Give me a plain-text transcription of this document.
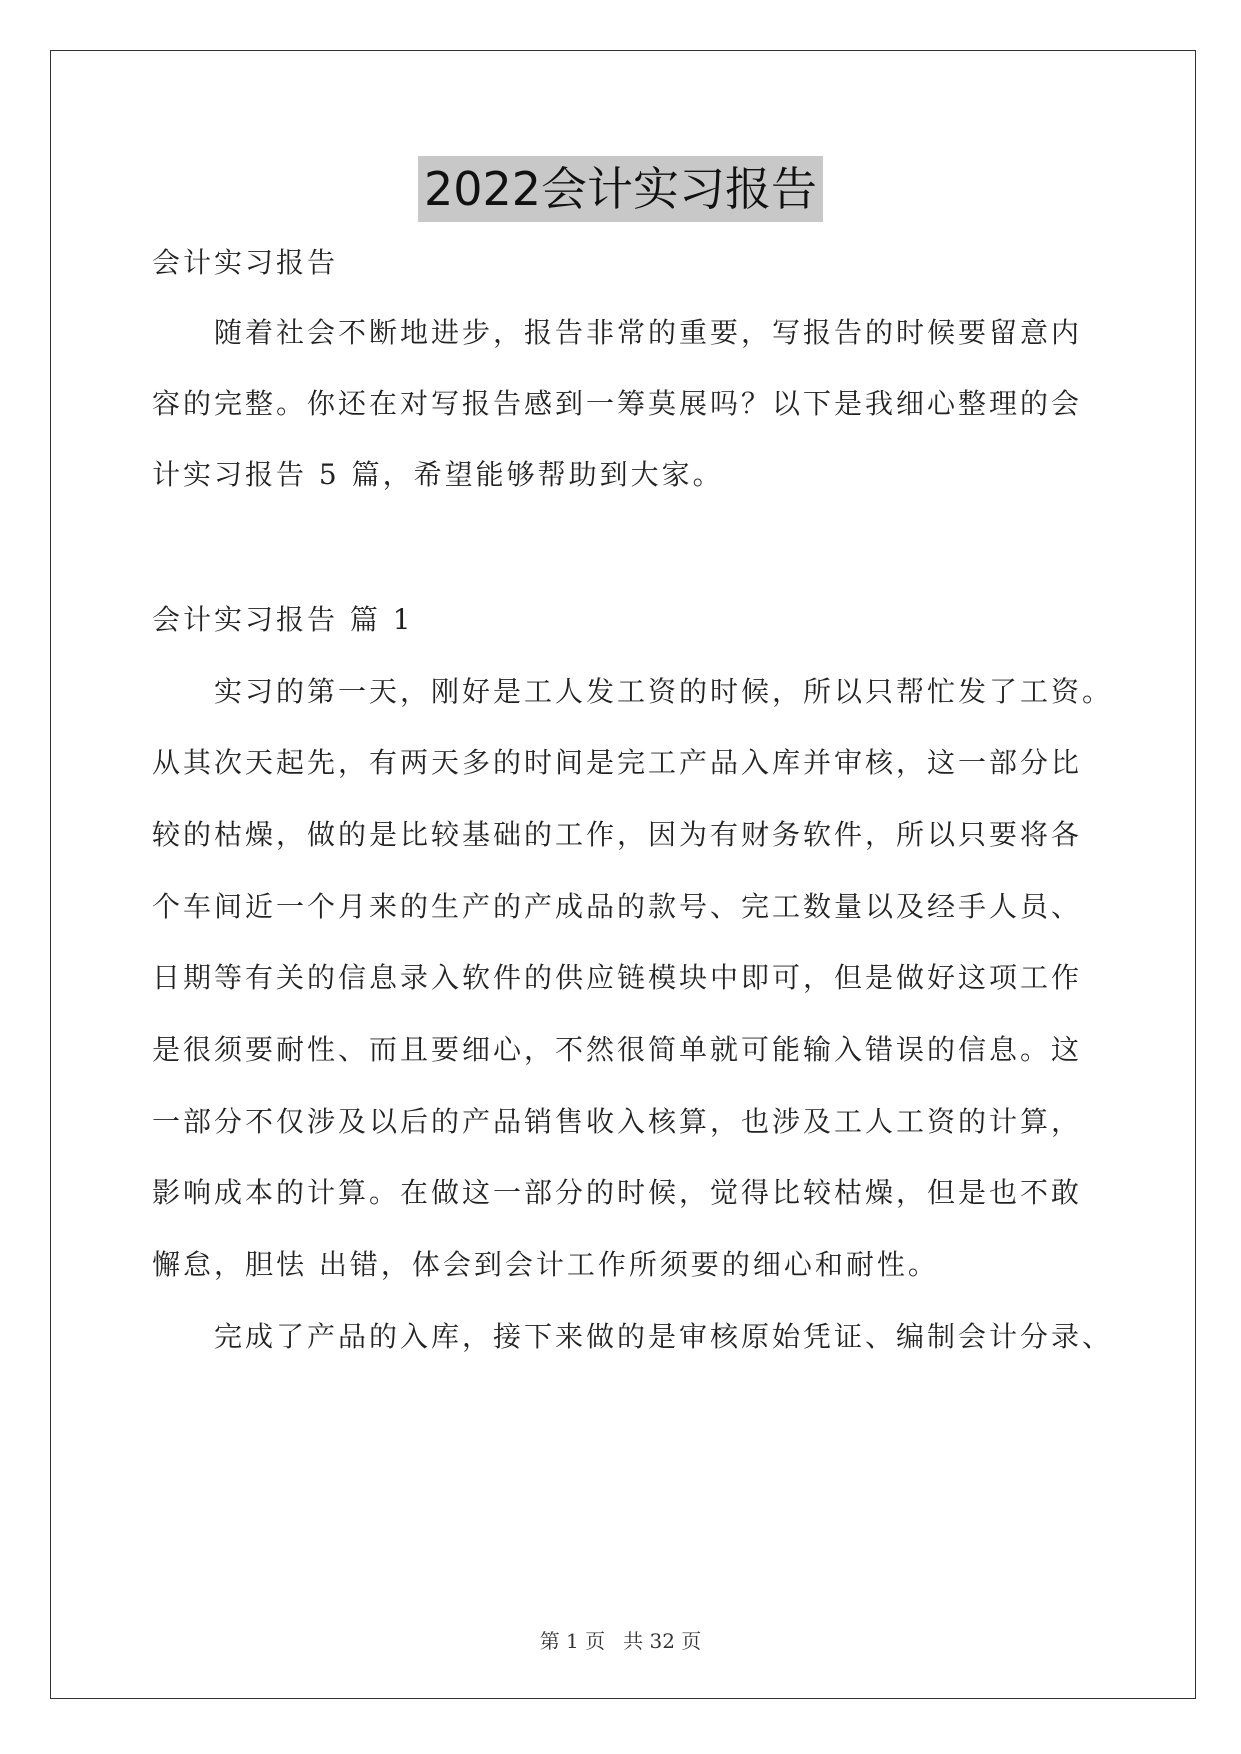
2022会计实习报告
会计实习报告
随着社会不断地进步，报告非常的重要，写报告的时候要留意内
容的完整。你还在对写报告感到一筹莫展吗？以下是我细心整理的会
计实习报告 5 篇，希望能够帮助到大家。
会计实习报告 篇 1
实习的第一天，刚好是工人发工资的时候，所以只帮忙发了工资。
从其次天起先，有两天多的时间是完工产品入库并审核，这一部分比
较的枯燥，做的是比较基础的工作，因为有财务软件，所以只要将各
个车间近一个月来的生产的产成品的款号、完工数量以及经手人员、
日期等有关的信息录入软件的供应链模块中即可，但是做好这项工作
是很须要耐性、而且要细心，不然很简单就可能输入错误的信息。这
一部分不仅涉及以后的产品销售收入核算，也涉及工人工资的计算，
影响成本的计算。在做这一部分的时候，觉得比较枯燥，但是也不敢
懈怠，胆怯 出错，体会到会计工作所须要的细心和耐性。
完成了产品的入库，接下来做的是审核原始凭证、编制会计分录、
第 1 页 共 32 页
